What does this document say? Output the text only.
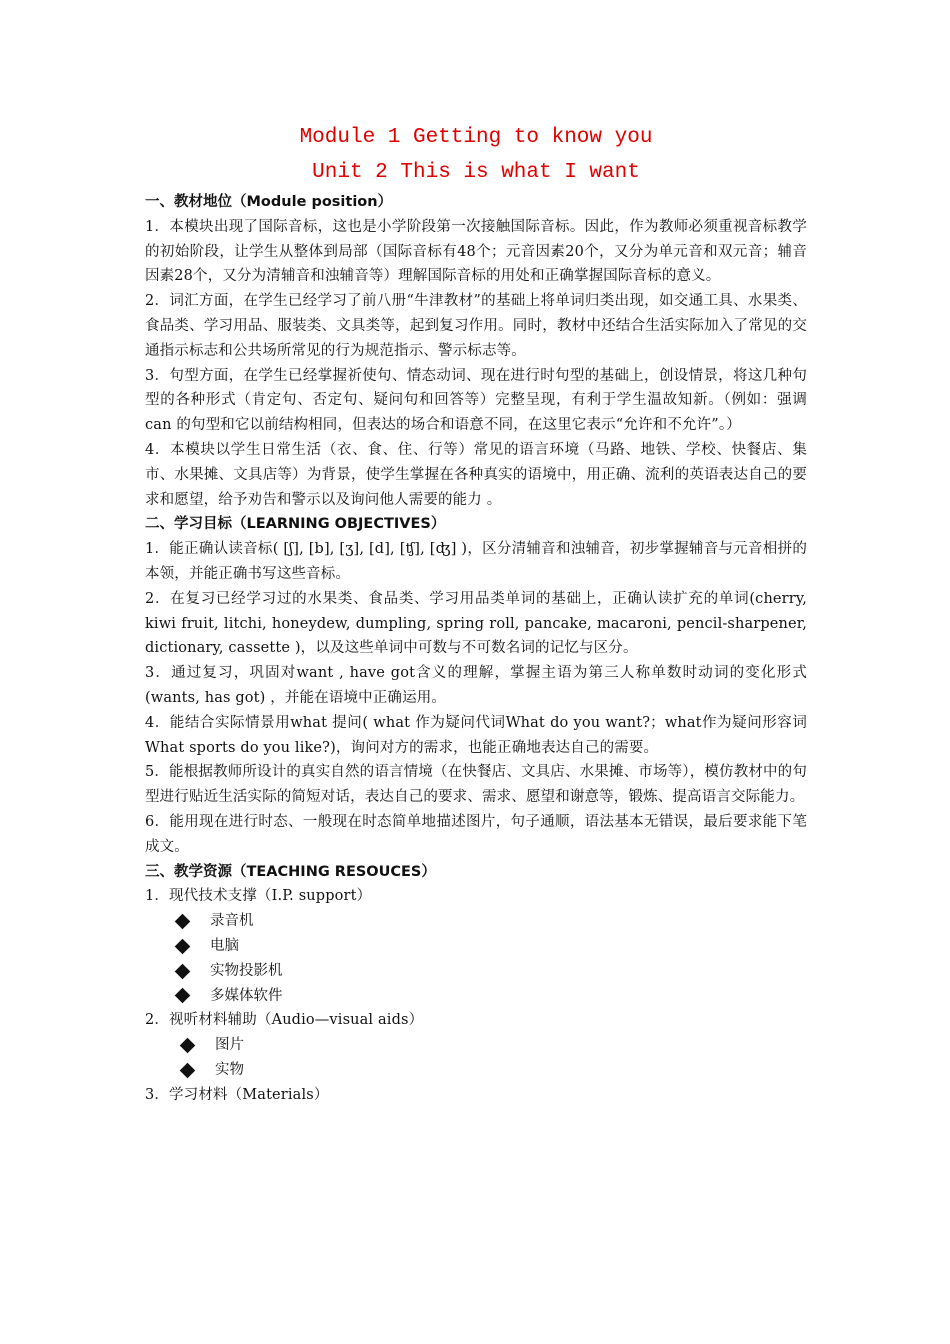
Module 1 Getting to know you

Unit 2 This is what I want

一、教材地位（Module position）

1．本模块出现了国际音标，这也是小学阶段第一次接触国际音标。因此，作为教师必须重视音标教学的初始阶段，让学生从整体到局部（国际音标有48个；元音因素20个，又分为单元音和双元音；辅音因素28个，又分为清辅音和浊辅音等）理解国际音标的用处和正确掌握国际音标的意义。

2．词汇方面，在学生已经学习了前八册“牛津教材”的基础上将单词归类出现，如交通工具、水果类、食品类、学习用品、服装类、文具类等，起到复习作用。同时，教材中还结合生活实际加入了常见的交通指示标志和公共场所常见的行为规范指示、警示标志等。

3．句型方面，在学生已经掌握祈使句、情态动词、现在进行时句型的基础上，创设情景，将这几种句型的各种形式（肯定句、否定句、疑问句和回答等）完整呈现，有利于学生温故知新。（例如：强调can 的句型和它以前结构相同，但表达的场合和语意不同，在这里它表示“允许和不允许”。）

4．本模块以学生日常生活（衣、食、住、行等）常见的语言环境（马路、地铁、学校、快餐店、集市、水果摊、文具店等）为背景，使学生掌握在各种真实的语境中，用正确、流利的英语表达自己的要求和愿望，给予劝告和警示以及询问他人需要的能力 。

二、学习目标（LEARNING OBJECTIVES）

1．能正确认读音标( [ʃ], [b], [ʒ], [d], [ʧ], [ʤ] )，区分清辅音和浊辅音，初步掌握辅音与元音相拼的本领，并能正确书写这些音标。

2．在复习已经学习过的水果类、食品类、学习用品类单词的基础上，正确认读扩充的单词(cherry, kiwi fruit, litchi, honeydew, dumpling, spring roll, pancake, macaroni, pencil-sharpener, dictionary, cassette )，以及这些单词中可数与不可数名词的记忆与区分。

3．通过复习，巩固对want , have got含义的理解，掌握主语为第三人称单数时动词的变化形式 (wants, has got) ，并能在语境中正确运用。

4．能结合实际情景用what 提问( what 作为疑问代词What do you want?；what作为疑问形容词What sports do you like?)，询问对方的需求，也能正确地表达自己的需要。

5．能根据教师所设计的真实自然的语言情境（在快餐店、文具店、水果摊、市场等），模仿教材中的句型进行贴近生活实际的简短对话，表达自己的要求、需求、愿望和谢意等，锻炼、提高语言交际能力。

6．能用现在进行时态、一般现在时态简单地描述图片，句子通顺，语法基本无错误，最后要求能下笔成文。

三、教学资源（TEACHING RESOUCES）

1．现代技术支撑（I.P. support）

录音机

电脑

实物投影机

多媒体软件

2．视听材料辅助（Audio—visual aids）

图片

实物

3．学习材料（Materials）
